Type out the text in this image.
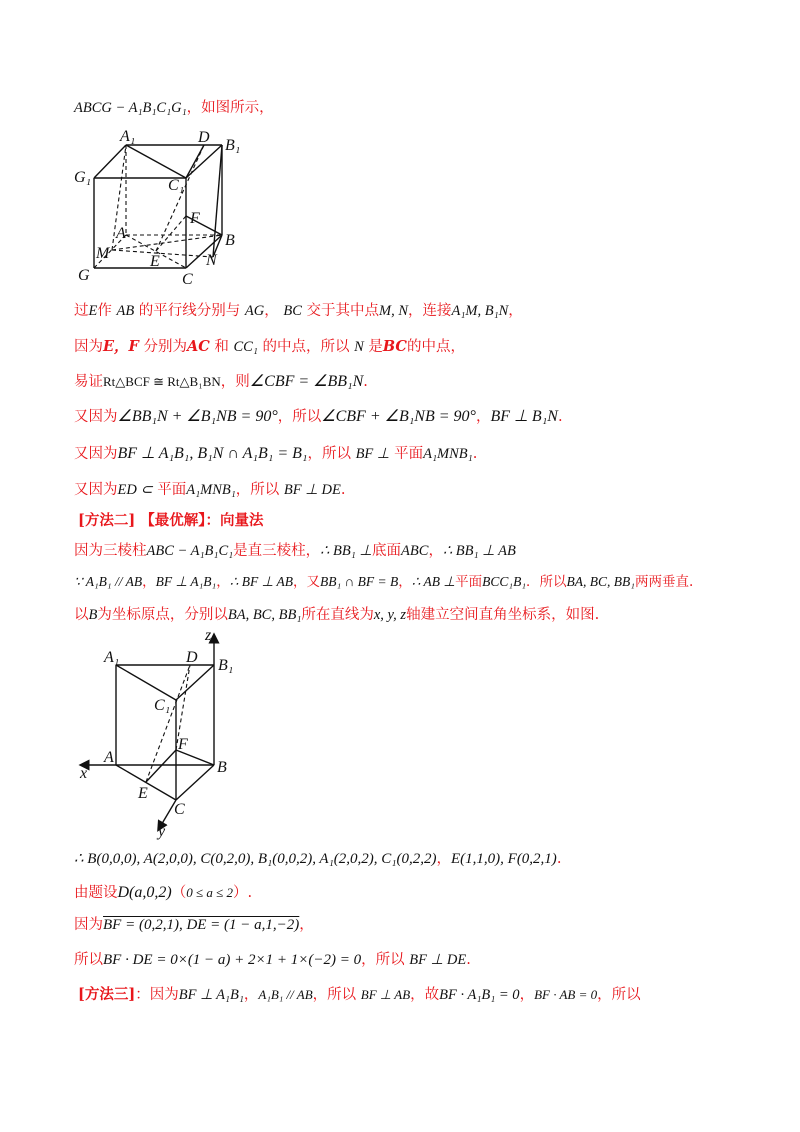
ABCG − A₁B₁C₁G₁，如图所示，
A₁	D B₁
G₁	C₁
F
A	B
M	E	N
G	C
过E作 AB 的平行线分别与 AG， BC 交于其中点M, N，连接A₁M, B₁N，
因为E，F 分别为AC 和 CC₁ 的中点，所以 N 是BC的中点，
易证Rt△BCF ≅ Rt△B₁BN，则∠CBF = ∠BB₁N.
又因为∠BB₁N + ∠B₁NB = 90°，所以∠CBF + ∠B₁NB = 90°，BF ⊥ B₁N.
又因为BF ⊥ A₁B₁, B₁N ∩ A₁B₁ = B₁，所以 BF ⊥ 平面A₁MNB₁.
又因为ED ⊂ 平面A₁MNB₁，所以 BF ⊥ DE.
[方法二] 【最优解】：向量法
因为三棱柱ABC − A₁B₁C₁是直三棱柱，∴ BB₁ ⊥底面ABC，∴ BB₁ ⊥ AB
∵ A₁B₁ // AB，BF ⊥ A₁B₁，∴ BF ⊥ AB，又BB₁ ∩ BF = B，∴ AB ⊥平面BCC₁B₁．所以BA, BC, BB₁两两垂直.
以B为坐标原点，分别以BA, BC, BB₁所在直线为x, y, z轴建立空间直角坐标系，如图.
z
A₁	D B₁
C₁
F
A
B
x
E
C
y
∴ B(0,0,0), A(2,0,0), C(0,2,0), B₁(0,0,2), A₁(2,0,2), C₁(0,2,2)，E(1,1,0), F(0,2,1).
由题设D(a,0,2)（0 ≤ a ≤ 2）.
因为BF = (0,2,1), DE = (1 − a,1,−2)，
所以BF · DE = 0×(1 − a) + 2×1 + 1×(−2) = 0，所以 BF ⊥ DE.
[方法三]：因为BF ⊥ A₁B₁，A₁B₁ // AB，所以 BF ⊥ AB，故BF · A₁B₁ = 0，BF · AB = 0，所以
